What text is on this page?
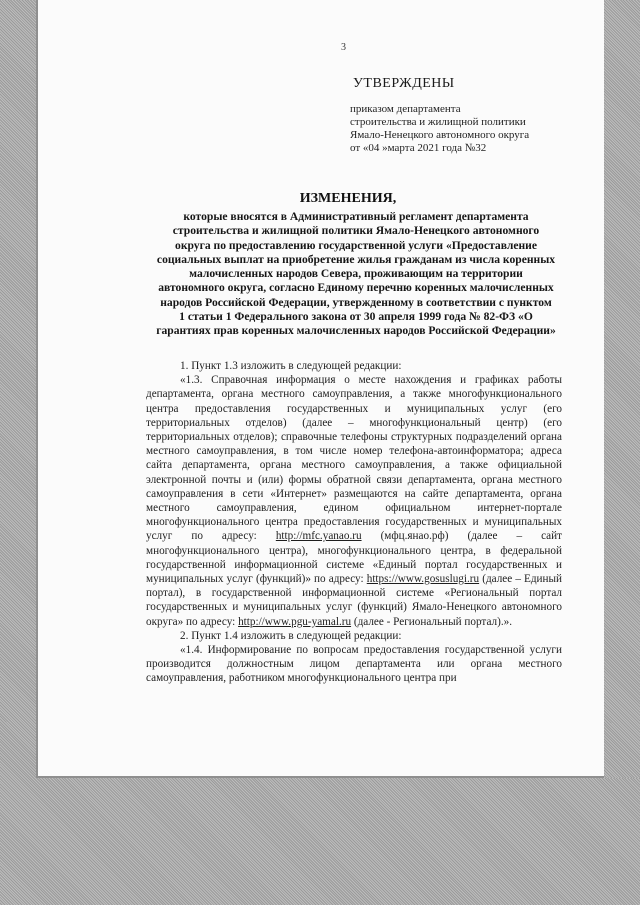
3
УТВЕРЖДЕНЫ
приказом департамента
строительства и жилищной политики
Ямало-Ненецкого автономного округа
от «04 »марта 2021 года №32
ИЗМЕНЕНИЯ,
которые вносятся в Административный регламент департамента строительства и жилищной политики Ямало-Ненецкого автономного округа по предоставлению государственной услуги «Предоставление социальных выплат на приобретение жилья гражданам из числа коренных малочисленных народов Севера, проживающим на территории автономного округа, согласно Единому перечню коренных малочисленных народов Российской Федерации, утвержденному в соответствии с пунктом 1 статьи 1 Федерального закона от 30 апреля 1999 года № 82-ФЗ «О гарантиях прав коренных малочисленных народов Российской Федерации»

1. Пункт 1.3 изложить в следующей редакции:

«1.3. Справочная информация о месте нахождения и графиках работы департамента, органа местного самоуправления, а также многофункционального центра предоставления государственных и муниципальных услуг (его территориальных отделов) (далее – многофункциональный центр) (его территориальных отделов); справочные телефоны структурных подразделений органа местного самоуправления, в том числе номер телефона-автоинформатора; адреса сайта департамента, органа местного самоуправления, а также официальной электронной почты и (или) формы обратной связи департамента, органа местного самоуправления в сети «Интернет» размещаются на сайте департамента, органа местного самоуправления, едином официальном интернет-портале многофункционального центра предоставления государственных и муниципальных услуг по адресу: http://mfc.yanao.ru (мфц.янао.рф) (далее – сайт многофункционального центра), многофункционального центра, в федеральной государственной информационной системе «Единый портал государственных и муниципальных услуг (функций)» по адресу: https://www.gosuslugi.ru (далее – Единый портал), в государственной информационной системе «Региональный портал государственных и муниципальных услуг (функций) Ямало-Ненецкого автономного округа» по адресу: http://www.pgu-yamal.ru (далее - Региональный портал).».

2. Пункт 1.4 изложить в следующей редакции:

«1.4. Информирование по вопросам предоставления государственной услуги производится должностным лицом департамента или органа местного самоуправления, работником многофункционального центра при
